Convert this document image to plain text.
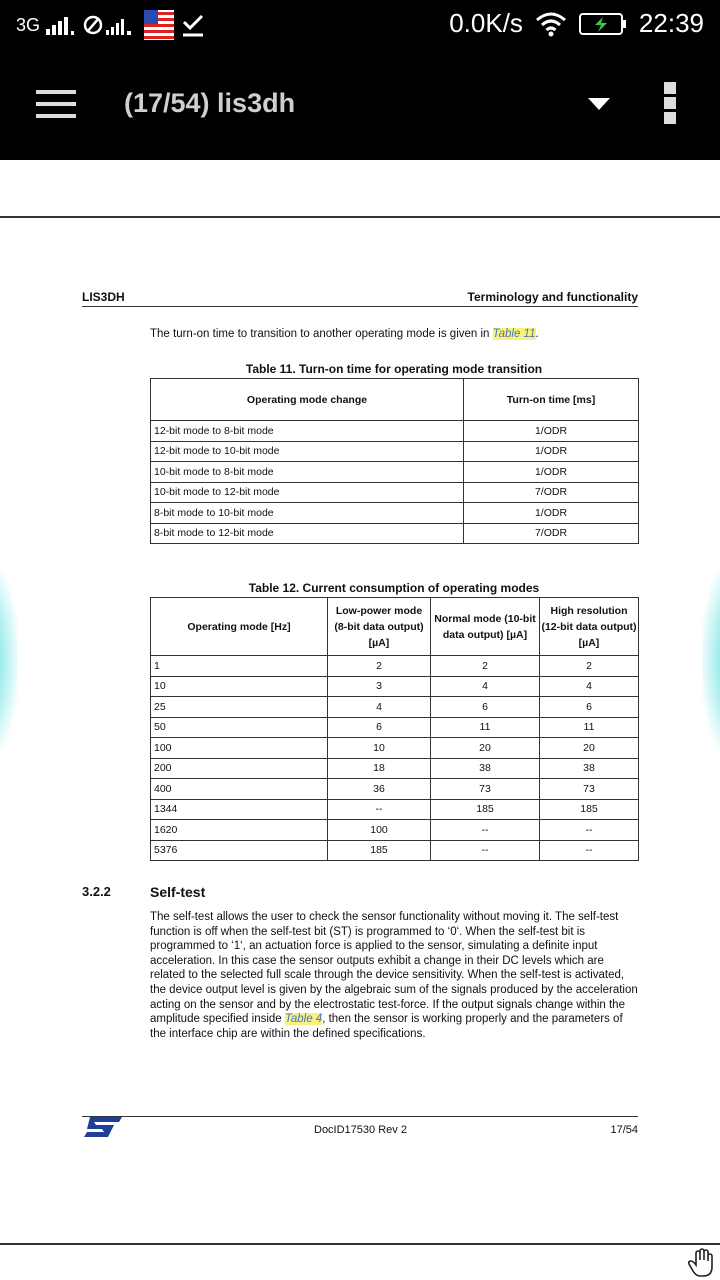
3G	0.0K/s	22:39
(17/54) lis3dh
LIS3DH	Terminology and functionality
The turn-on time to transition to another operating mode is given in Table 11.
Table 11. Turn-on time for operating mode transition
Operating mode change	Turn-on time [ms]
12-bit mode to 8-bit mode	1/ODR
12-bit mode to 10-bit mode	1/ODR
10-bit mode to 8-bit mode	1/ODR
10-bit mode to 12-bit mode	7/ODR
8-bit mode to 10-bit mode	1/ODR
8-bit mode to 12-bit mode	7/ODR
Table 12. Current consumption of operating modes
Operating mode [Hz]	Low-power mode (8-bit data output) [µA]	Normal mode (10-bit data output) [µA]	High resolution (12-bit data output) [µA]
1	2	2	2
10	3	4	4
25	4	6	6
50	6	11	11
100	10	20	20
200	18	38	38
400	36	73	73
1344	--	185	185
1620	100	--	--
5376	185	--	--
3.2.2	Self-test
The self-test allows the user to check the sensor functionality without moving it. The self-test function is off when the self-test bit (ST) is programmed to ‘0‘. When the self-test bit is programmed to ‘1‘, an actuation force is applied to the sensor, simulating a definite input acceleration. In this case the sensor outputs exhibit a change in their DC levels which are related to the selected full scale through the device sensitivity. When the self-test is activated, the device output level is given by the algebraic sum of the signals produced by the acceleration acting on the sensor and by the electrostatic test-force. If the output signals change within the amplitude specified inside Table 4, then the sensor is working properly and the parameters of the interface chip are within the defined specifications.
DocID17530 Rev 2	17/54
